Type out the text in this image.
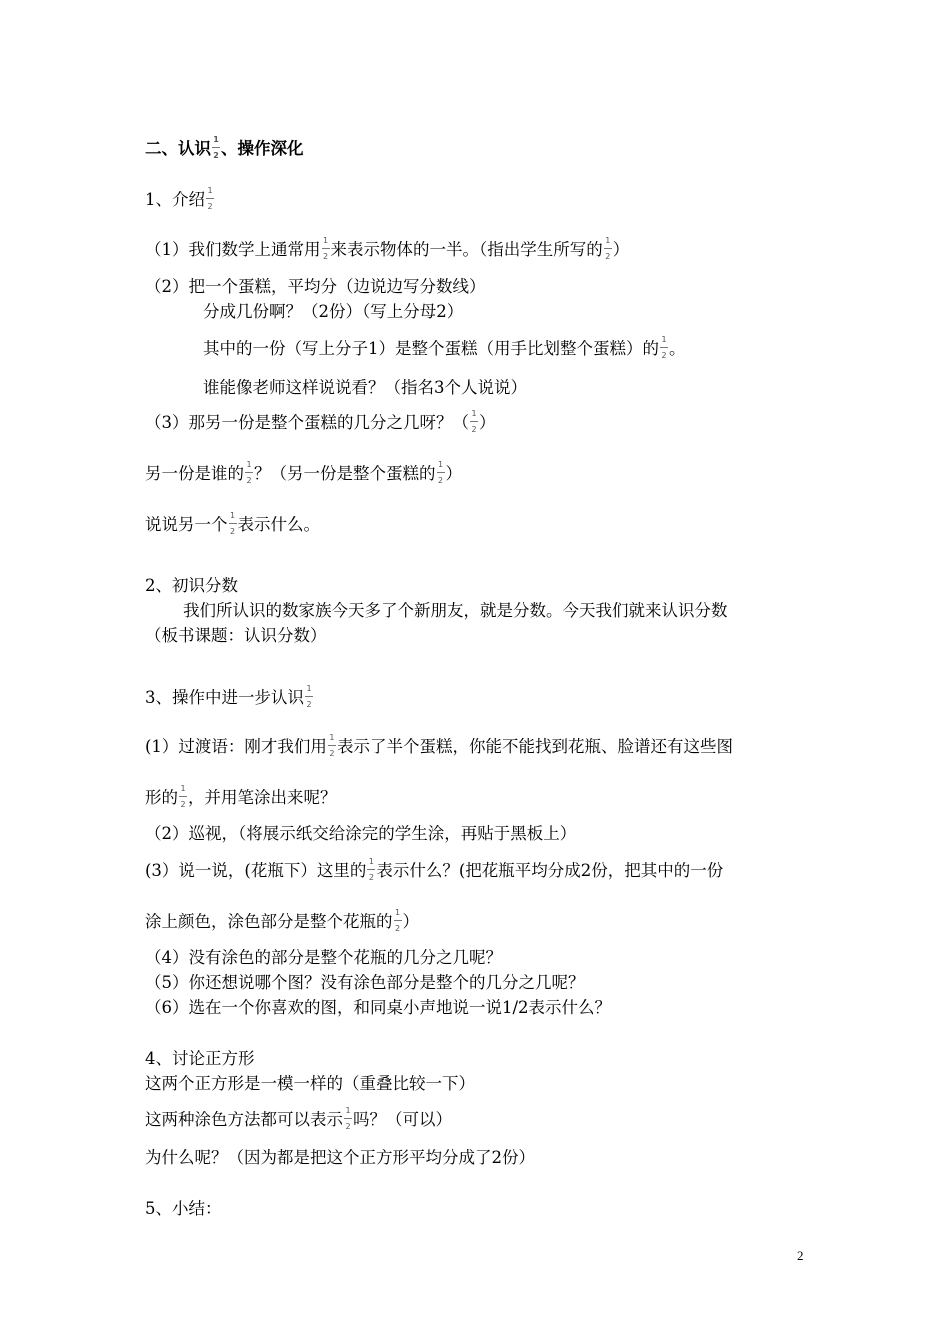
二、认识 $\frac{1}{2}$ 、操作深化
1、介绍 $\frac{1}{2}$
（1）我们数学上通常用 $\frac{1}{2}$ 来表示物体的一半。（指出学生所写的 $\frac{1}{2}$ ）
（2）把一个蛋糕，平均分（边说边写分数线）
分成几份啊？（2份）（写上分母2）
其中的一份（写上分子1）是整个蛋糕（用手比划整个蛋糕）的 $\frac{1}{2}$ 。
谁能像老师这样说说看？（指名3个人说说）
（3）那另一份是整个蛋糕的几分之几呀？（ $\frac{1}{2}$ ）
另一份是谁的 $\frac{1}{2}$ ？（另一份是整个蛋糕的 $\frac{1}{2}$ ）
说说另一个 $\frac{1}{2}$ 表示什么。
2、初识分数
我们所认识的数家族今天多了个新朋友，就是分数。今天我们就来认识分数
（板书课题：认识分数）
3、操作中进一步认识 $\frac{1}{2}$
(1）过渡语：刚才我们用 $\frac{1}{2}$ 表示了半个蛋糕，你能不能找到花瓶、脸谱还有这些图
形的 $\frac{1}{2}$ ，并用笔涂出来呢？
（2）巡视，（将展示纸交给涂完的学生涂，再贴于黑板上）
(3）说一说，(花瓶下）这里的 $\frac{1}{2}$ 表示什么？(把花瓶平均分成2份，把其中的一份
涂上颜色，涂色部分是整个花瓶的 $\frac{1}{2}$ ）
（4）没有涂色的部分是整个花瓶的几分之几呢？
（5）你还想说哪个图？没有涂色部分是整个的几分之几呢？
（6）选在一个你喜欢的图，和同桌小声地说一说1/2表示什么？
4、讨论正方形
这两个正方形是一模一样的（重叠比较一下）
这两种涂色方法都可以表示 $\frac{1}{2}$ 吗？（可以）
为什么呢？（因为都是把这个正方形平均分成了2份）
5、小结：
2
